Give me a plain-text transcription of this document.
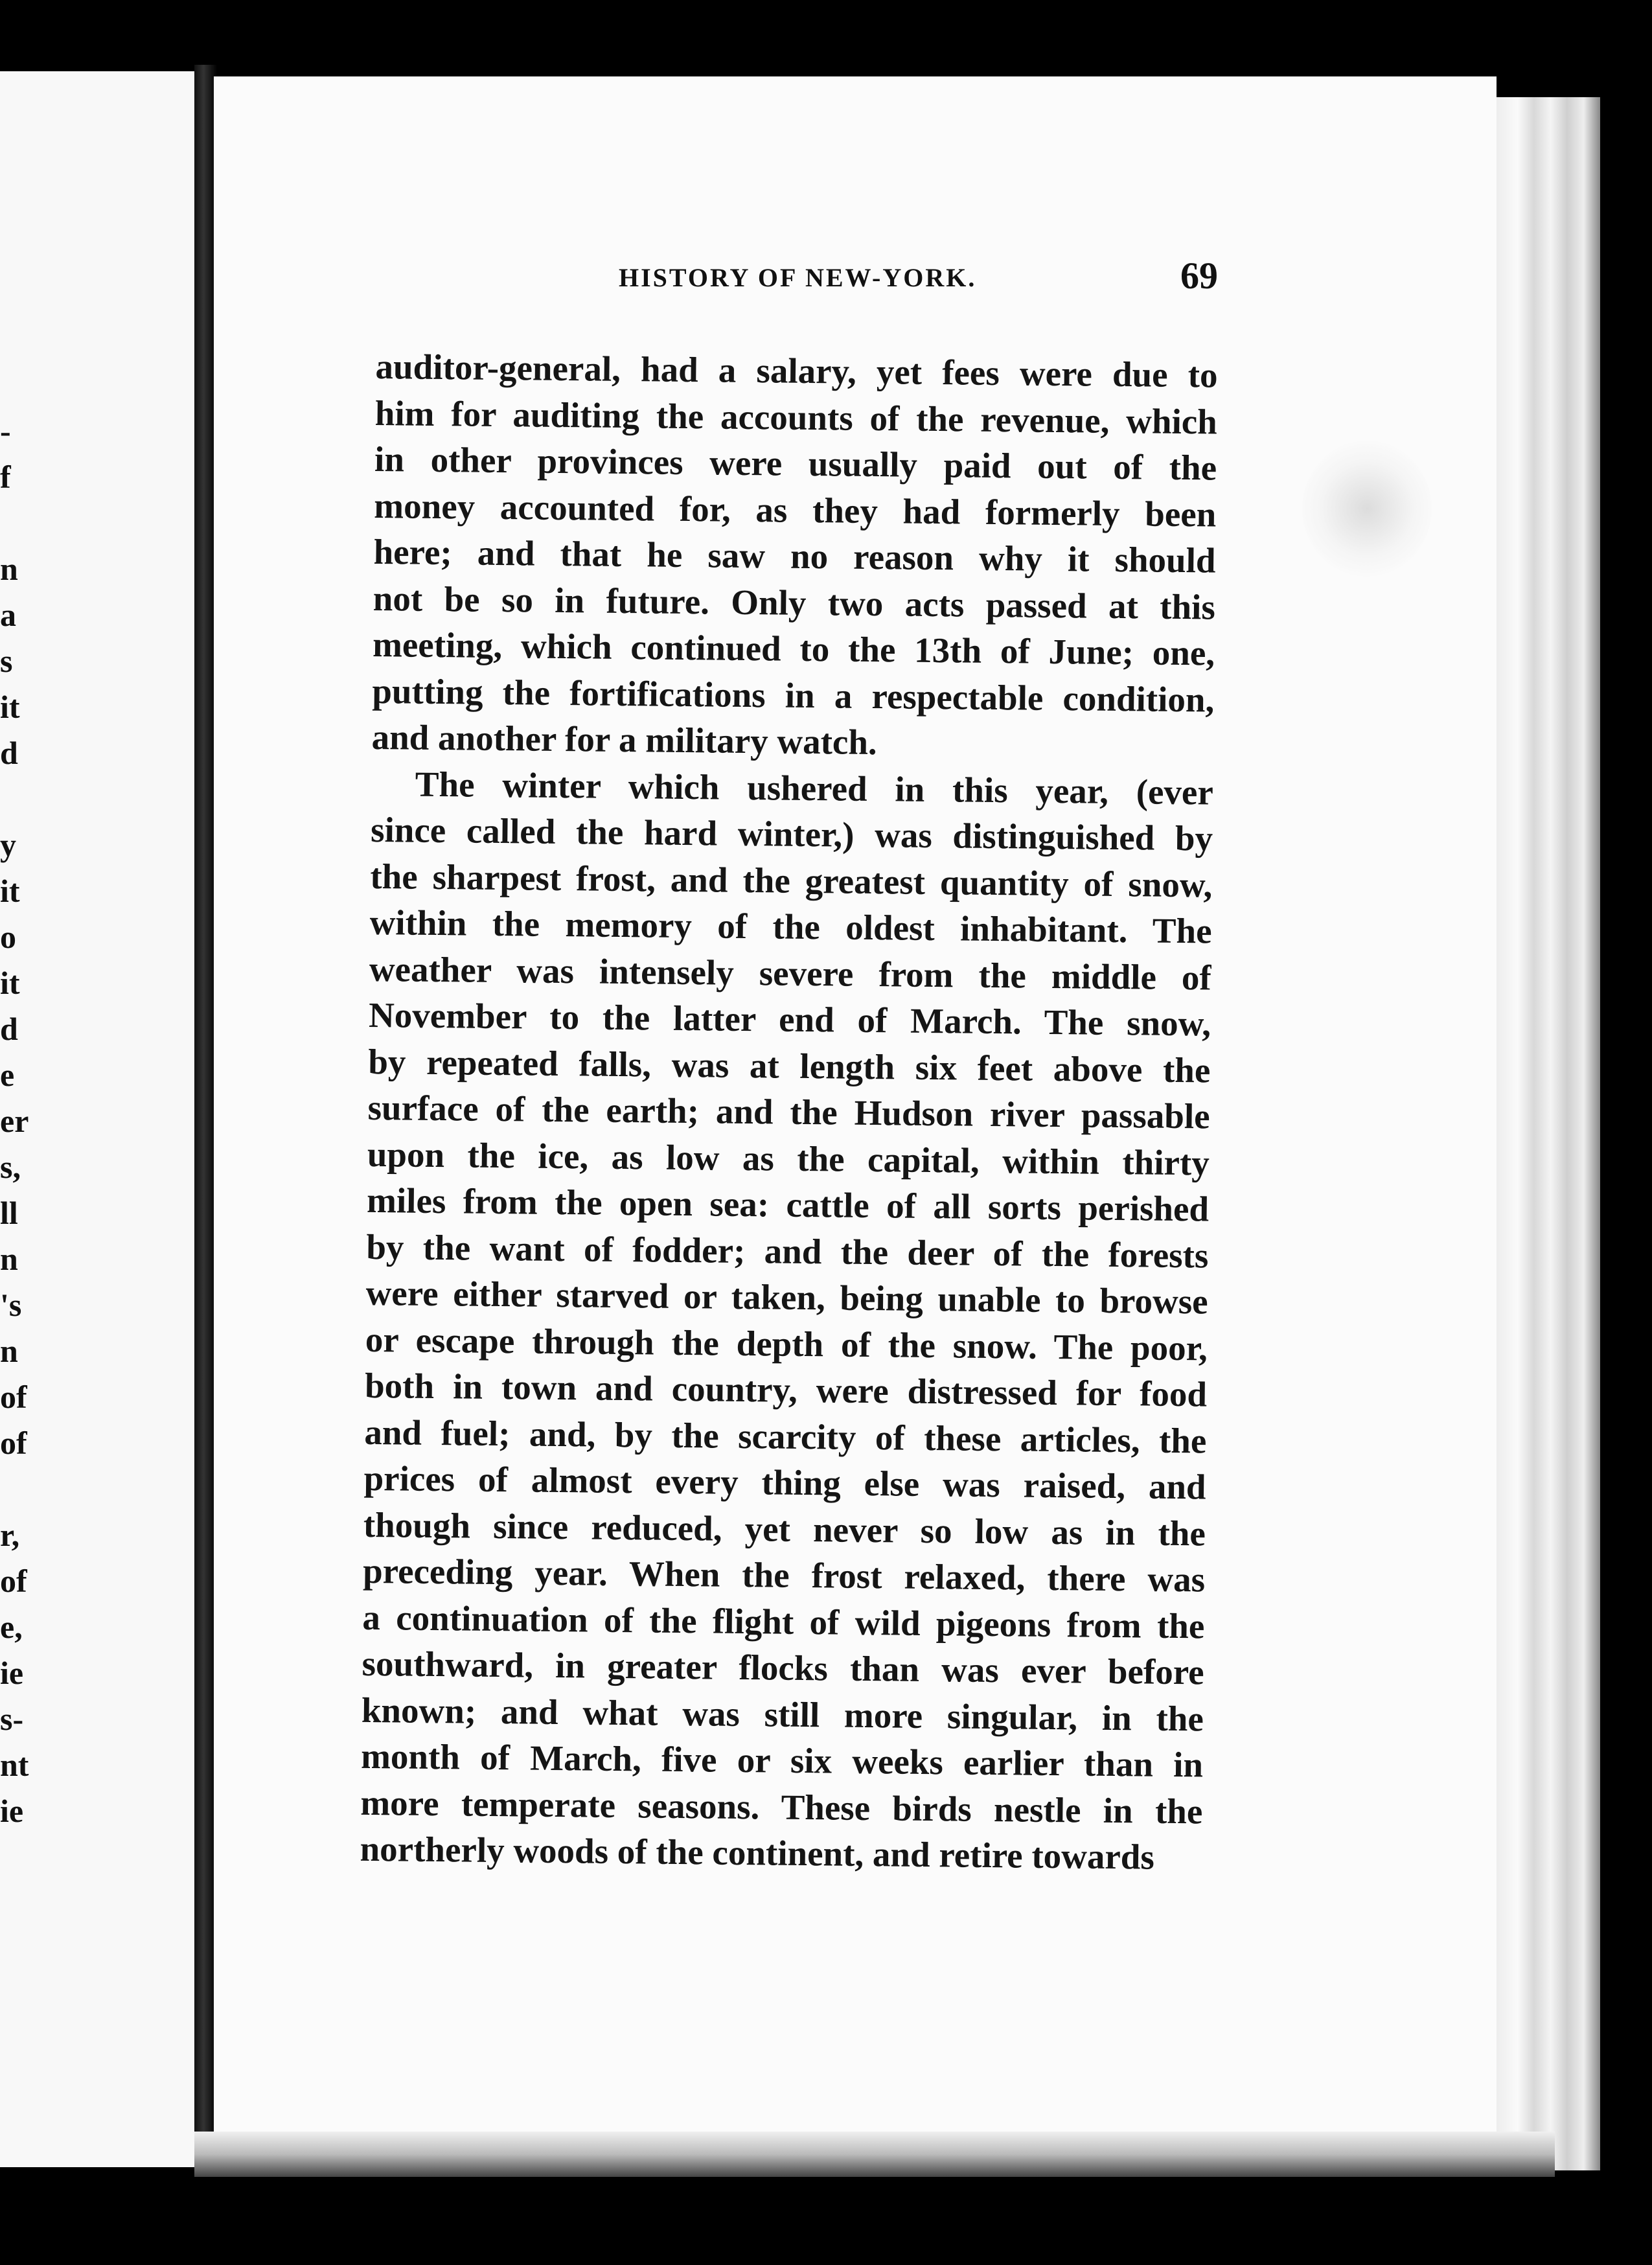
-
f
n
a
s
it
d
y
it
o
it
d
e
er
s,
ll
n
's
n
of
of
r,
of
e,
ie
s-
nt
ie
HISTORY OF NEW-YORK.	69
auditor-general, had a salary, yet fees were due to
him for auditing the accounts of the revenue, which
in other provinces were usually paid out of the
money accounted for, as they had formerly been
here; and that he saw no reason why it should
not be so in future. Only two acts passed at this
meeting, which continued to the 13th of June; one,
putting the fortifications in a respectable condition,
and another for a military watch.
The winter which ushered in this year, (ever
since called the hard winter,) was distinguished by
the sharpest frost, and the greatest quantity of snow,
within the memory of the oldest inhabitant. The
weather was intensely severe from the middle of
November to the latter end of March. The snow,
by repeated falls, was at length six feet above the
surface of the earth; and the Hudson river passable
upon the ice, as low as the capital, within thirty
miles from the open sea: cattle of all sorts perished
by the want of fodder; and the deer of the forests
were either starved or taken, being unable to browse
or escape through the depth of the snow. The poor,
both in town and country, were distressed for food
and fuel; and, by the scarcity of these articles, the
prices of almost every thing else was raised, and
though since reduced, yet never so low as in the
preceding year. When the frost relaxed, there was
a continuation of the flight of wild pigeons from the
southward, in greater flocks than was ever before
known; and what was still more singular, in the
month of March, five or six weeks earlier than in
more temperate seasons. These birds nestle in the
northerly woods of the continent, and retire towards
